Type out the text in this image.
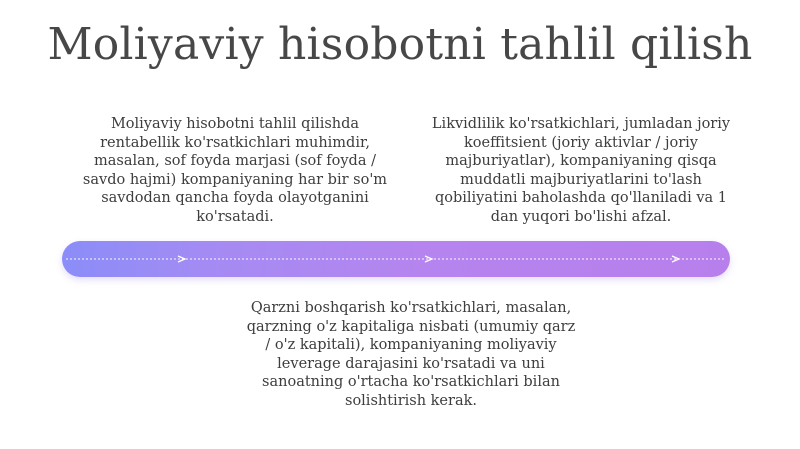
Moliyaviy hisobotni tahlil qilish
Moliyaviy hisobotni tahlil qilishda rentabellik ko'rsatkichlari muhimdir, masalan, sof foyda marjasi (sof foyda / savdo hajmi) kompaniyaning har bir so'm savdodan qancha foyda olayotganini ko'rsatadi.
Likvidlilik ko'rsatkichlari, jumladan joriy koeffitsient (joriy aktivlar / joriy majburiyatlar), kompaniyaning qisqa muddatli majburiyatlarini to'lash qobiliyatini baholashda qo'llaniladi va 1 dan yuqori bo'lishi afzal.
Qarzni boshqarish ko'rsatkichlari, masalan, qarzning o'z kapitaliga nisbati (umumiy qarz / o'z kapitali), kompaniyaning moliyaviy leverage darajasini ko'rsatadi va uni sanoatning o'rtacha ko'rsatkichlari bilan solishtirish kerak.
